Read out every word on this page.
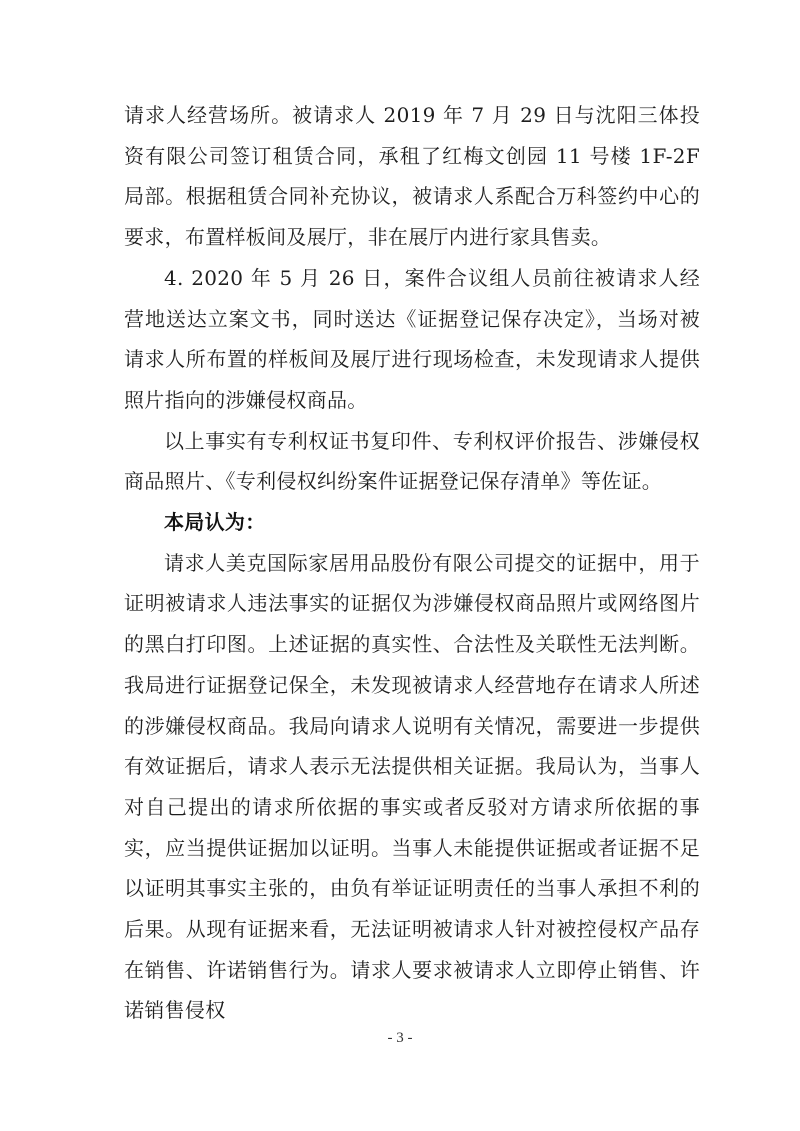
请求人经营场所。被请求人 2019 年 7 月 29 日与沈阳三体投资有限公司签订租赁合同，承租了红梅文创园 11 号楼 1F-2F 局部。根据租赁合同补充协议，被请求人系配合万科签约中心的要求，布置样板间及展厅，非在展厅内进行家具售卖。

4. 2020 年 5 月 26 日，案件合议组人员前往被请求人经营地送达立案文书，同时送达《证据登记保存决定》，当场对被请求人所布置的样板间及展厅进行现场检查，未发现请求人提供照片指向的涉嫌侵权商品。

以上事实有专利权证书复印件、专利权评价报告、涉嫌侵权商品照片、《专利侵权纠纷案件证据登记保存清单》等佐证。

本局认为：

请求人美克国际家居用品股份有限公司提交的证据中，用于证明被请求人违法事实的证据仅为涉嫌侵权商品照片或网络图片的黑白打印图。上述证据的真实性、合法性及关联性无法判断。我局进行证据登记保全，未发现被请求人经营地存在请求人所述的涉嫌侵权商品。我局向请求人说明有关情况，需要进一步提供有效证据后，请求人表示无法提供相关证据。我局认为，当事人对自己提出的请求所依据的事实或者反驳对方请求所依据的事实，应当提供证据加以证明。当事人未能提供证据或者证据不足以证明其事实主张的，由负有举证证明责任的当事人承担不利的后果。从现有证据来看，无法证明被请求人针对被控侵权产品存在销售、许诺销售行为。请求人要求被请求人立即停止销售、许诺销售侵权

- 3 -
